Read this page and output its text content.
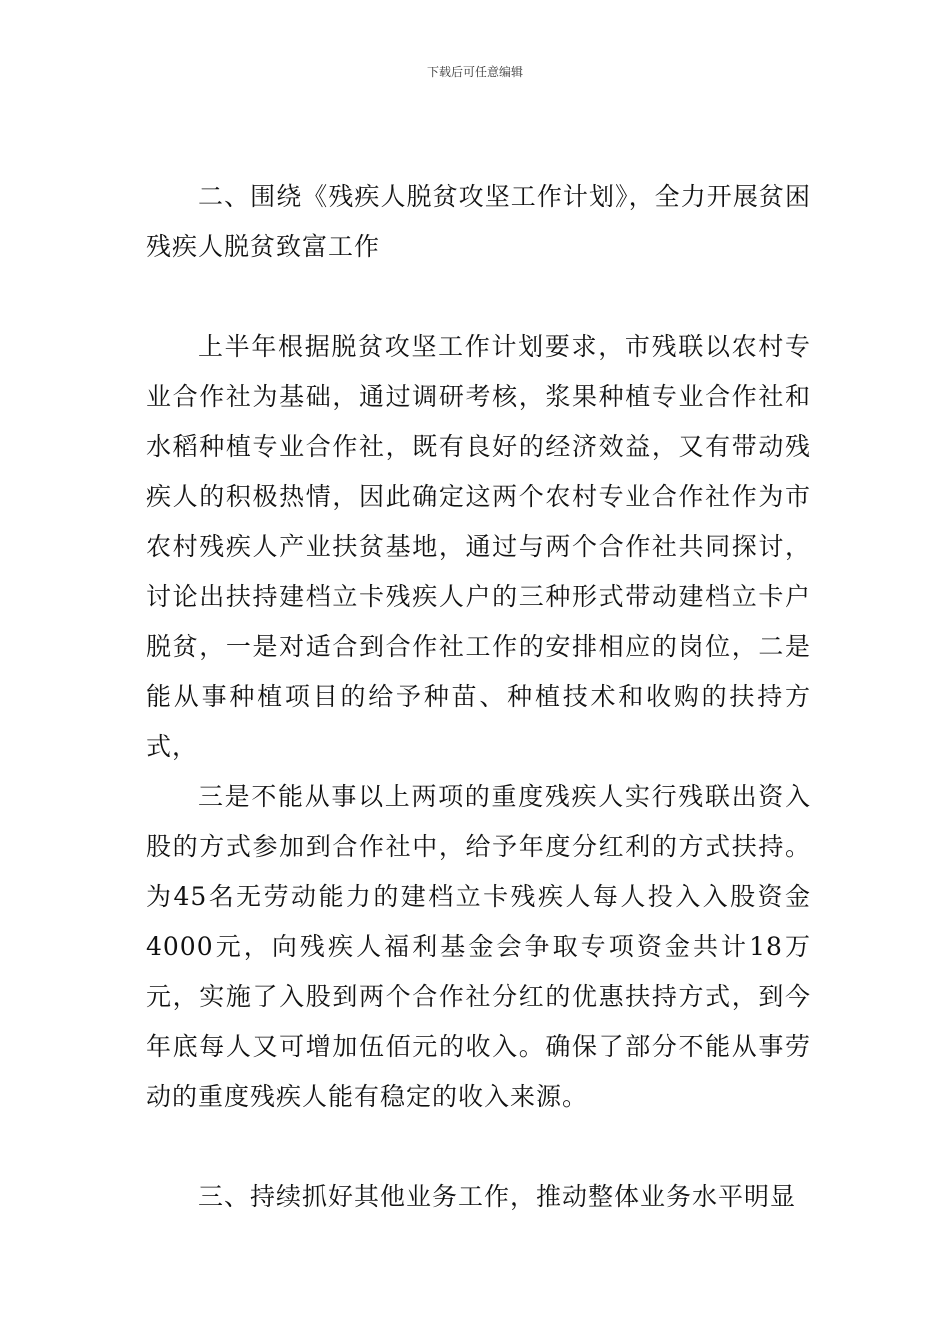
下载后可任意编辑

二、围绕《残疾人脱贫攻坚工作计划》，全力开展贫困残疾人脱贫致富工作

上半年根据脱贫攻坚工作计划要求，市残联以农村专业合作社为基础，通过调研考核，浆果种植专业合作社和水稻种植专业合作社，既有良好的经济效益，又有带动残疾人的积极热情，因此确定这两个农村专业合作社作为市农村残疾人产业扶贫基地，通过与两个合作社共同探讨，讨论出扶持建档立卡残疾人户的三种形式带动建档立卡户脱贫，一是对适合到合作社工作的安排相应的岗位，二是能从事种植项目的给予种苗、种植技术和收购的扶持方式，

三是不能从事以上两项的重度残疾人实行残联出资入股的方式参加到合作社中，给予年度分红利的方式扶持。为45名无劳动能力的建档立卡残疾人每人投入入股资金4000元，向残疾人福利基金会争取专项资金共计18万元，实施了入股到两个合作社分红的优惠扶持方式，到今年底每人又可增加伍佰元的收入。确保了部分不能从事劳动的重度残疾人能有稳定的收入来源。

三、持续抓好其他业务工作，推动整体业务水平明显
